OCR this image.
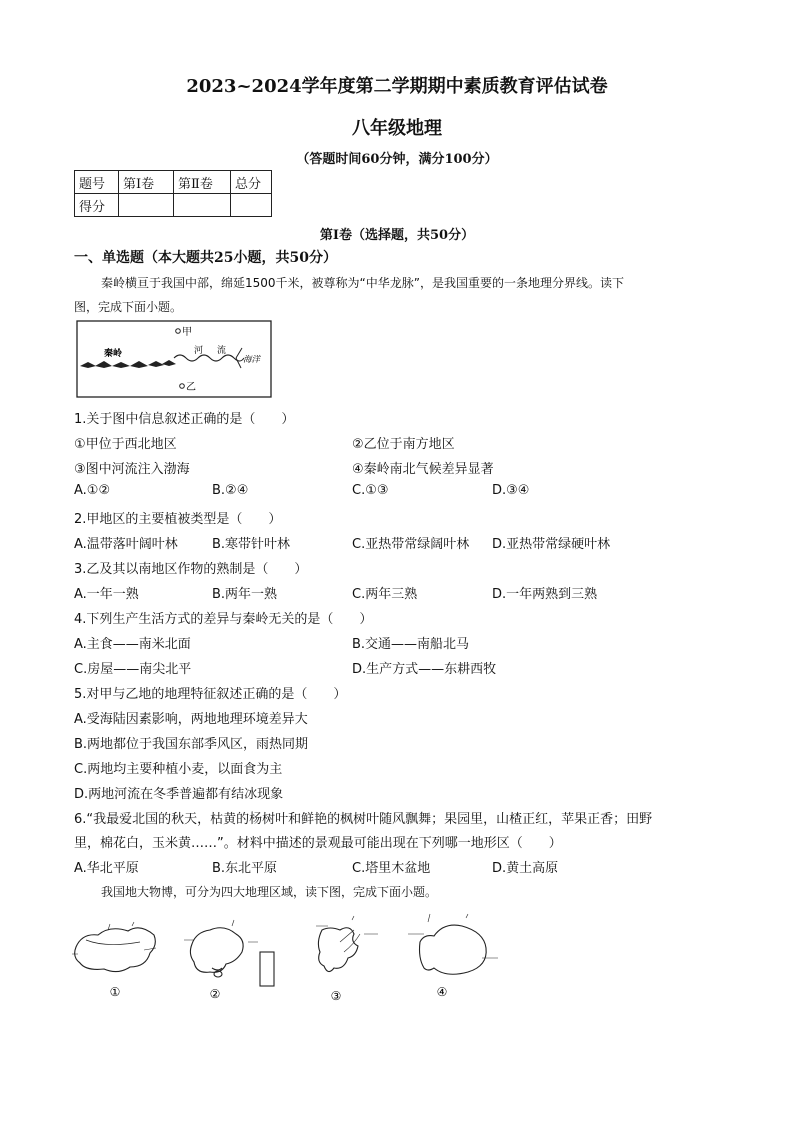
2023~2024学年度第二学期期中素质教育评估试卷
八年级地理
（答题时间60分钟，满分100分）
题号	第Ⅰ卷	第Ⅱ卷	总分
得分			
第Ⅰ卷（选择题，共50分）
一、单选题（本大题共25小题，共50分）
秦岭横亘于我国中部，绵延1500千米，被尊称为“中华龙脉”，是我国重要的一条地理分界线。读下
图，完成下面小题。
甲
乙
秦岭	河 流
海洋
1.关于图中信息叙述正确的是（　　）
①甲位于西北地区	②乙位于南方地区
③图中河流注入渤海	④秦岭南北气候差异显著
A.①②	B.②④	C.①③	D.③④
2.甲地区的主要植被类型是（　　）
A.温带落叶阔叶林	B.寒带针叶林	C.亚热带常绿阔叶林 D.亚热带常绿硬叶林
3.乙及其以南地区作物的熟制是（　　）
A.一年一熟	B.两年一熟	C.两年三熟	D.一年两熟到三熟
4.下列生产生活方式的差异与秦岭无关的是（　　）
A.主食——南米北面	B.交通——南船北马
C.房屋——南尖北平	D.生产方式——东耕西牧
5.对甲与乙地的地理特征叙述正确的是（　　）
A.受海陆因素影响，两地地理环境差异大
B.两地都位于我国东部季风区，雨热同期
C.两地均主要种植小麦，以面食为主
D.两地河流在冬季普遍都有结冰现象
6.“我最爱北国的秋天，枯黄的杨树叶和鲜艳的枫树叶随风飘舞；果园里，山楂正红，苹果正香；田野
里，棉花白，玉米黄……”。材料中描述的景观最可能出现在下列哪一地形区（　　）
A.华北平原	B.东北平原	C.塔里木盆地	D.黄土高原
我国地大物博，可分为四大地理区域，读下图，完成下面小题。
①	②	③	④
